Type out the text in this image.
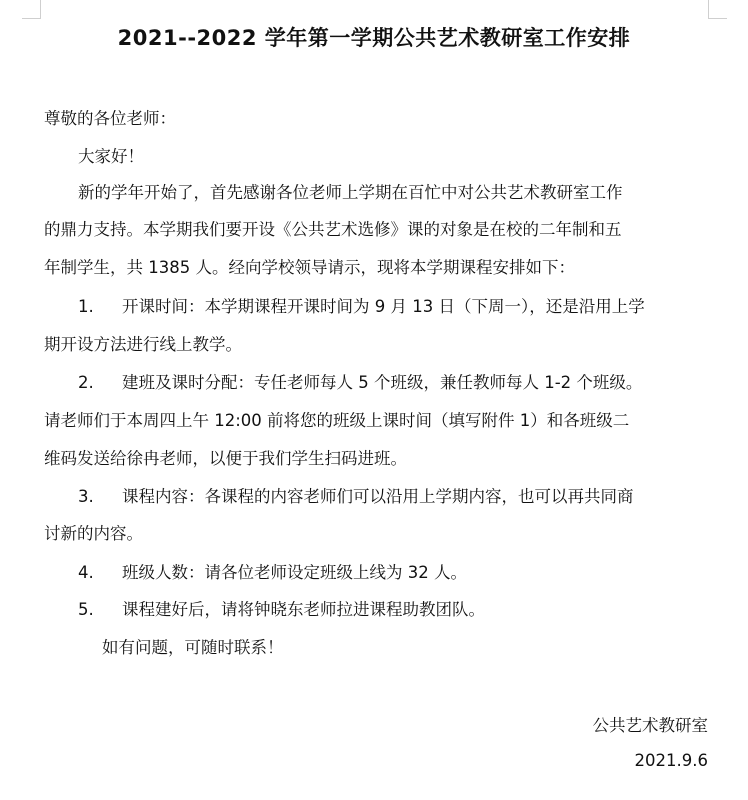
2021--2022 学年第一学期公共艺术教研室工作安排
尊敬的各位老师：
大家好！
新的学年开始了，首先感谢各位老师上学期在百忙中对公共艺术教研室工作
的鼎力支持。本学期我们要开设《公共艺术选修》课的对象是在校的二年制和五
年制学生，共 1385 人。经向学校领导请示，现将本学期课程安排如下：
1. 开课时间：本学期课程开课时间为 9 月 13 日（下周一），还是沿用上学
期开设方法进行线上教学。
2. 建班及课时分配：专任老师每人 5 个班级，兼任教师每人 1-2 个班级。
请老师们于本周四上午 12:00 前将您的班级上课时间（填写附件 1）和各班级二
维码发送给徐冉老师，以便于我们学生扫码进班。
3. 课程内容：各课程的内容老师们可以沿用上学期内容，也可以再共同商
讨新的内容。
4. 班级人数：请各位老师设定班级上线为 32 人。
5. 课程建好后，请将钟晓东老师拉进课程助教团队。
如有问题，可随时联系！
公共艺术教研室
2021.9.6
